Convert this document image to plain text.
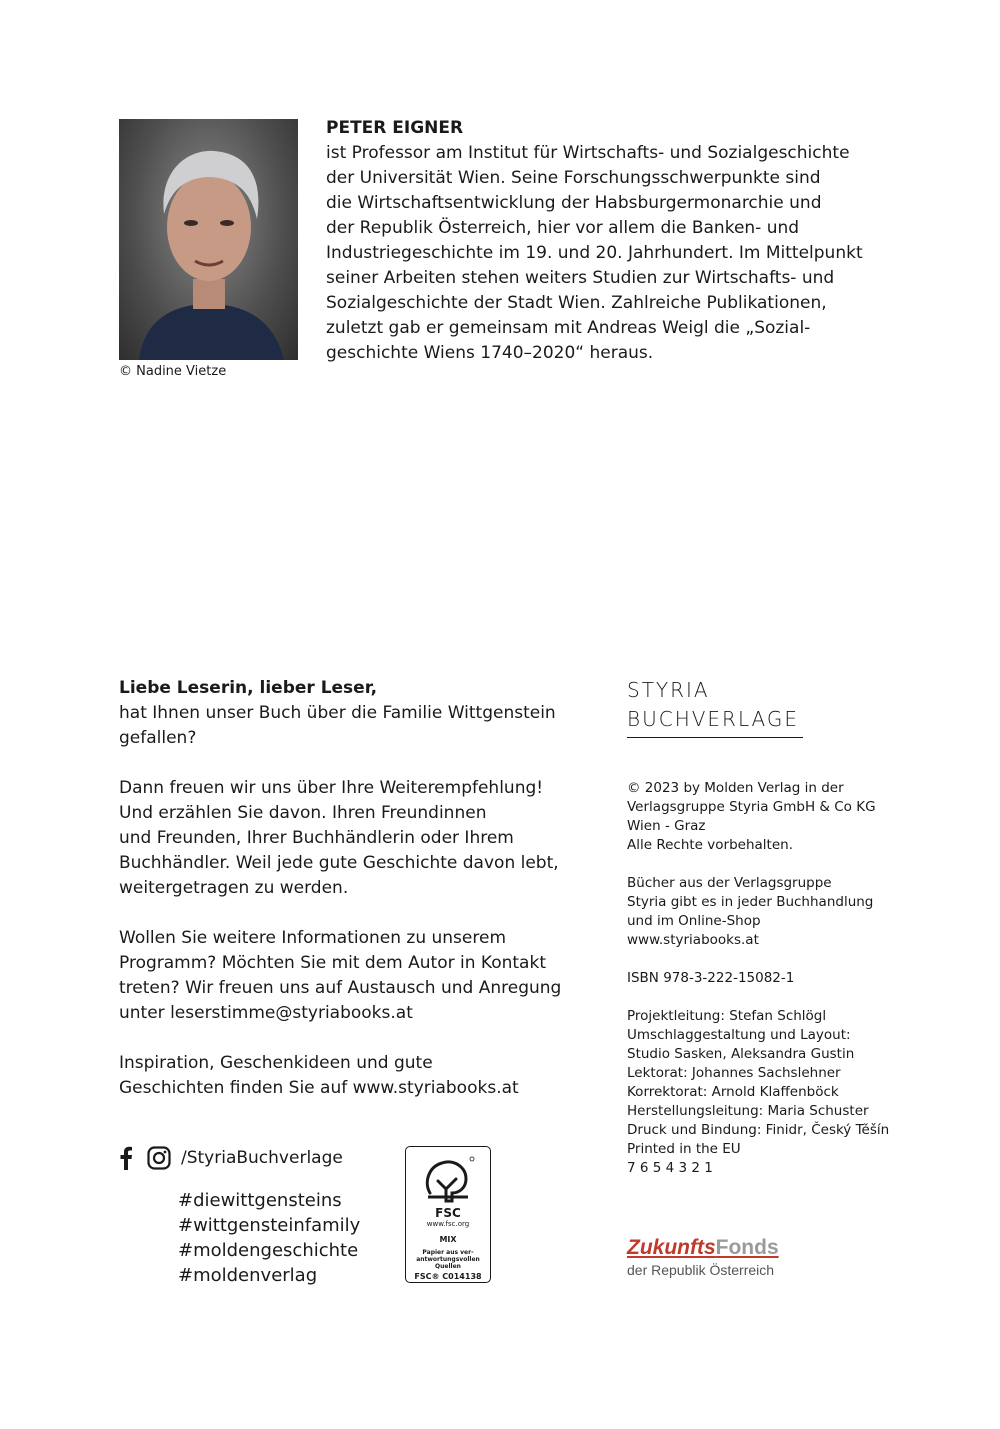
© Nadine Vietze

PETER EIGNER

ist Professor am Institut für Wirtschafts- und Sozialgeschichte

der Universität Wien. Seine Forschungsschwerpunkte sind

die Wirtschaftsentwicklung der Habsburgermonarchie und

der Republik Österreich, hier vor allem die Banken- und

Industriegeschichte im 19. und 20. Jahrhundert. Im Mittelpunkt

seiner Arbeiten stehen weiters Studien zur Wirtschafts- und

Sozialgeschichte der Stadt Wien. Zahlreiche Publikationen,

zuletzt gab er gemeinsam mit Andreas Weigl die „Sozial-

geschichte Wiens 1740–2020“ heraus.

Liebe Leserin, lieber Leser,

hat Ihnen unser Buch über die Familie Wittgenstein
gefallen?

Dann freuen wir uns über Ihre Weiterempfehlung!
Und erzählen Sie davon. Ihren Freundinnen
und Freunden, Ihrer Buchhändlerin oder Ihrem
Buchhändler. Weil jede gute Geschichte davon lebt,
weitergetragen zu werden.

Wollen Sie weitere Informationen zu unserem
Programm? Möchten Sie mit dem Autor in Kontakt
treten? Wir freuen uns auf Austausch und Anregung
unter leserstimme@styriabooks.at

Inspiration, Geschenkideen und gute
Geschichten finden Sie auf www.styriabooks.at

/StyriaBuchverlage
#diewittgensteins
#wittgensteinfamily
#moldengeschichte
#moldenverlag
FSC
www.fsc.org
MIX
Papier aus ver-
antwortungsvollen
Quellen
FSC® C014138
STYRIA
BUCHVERLAGE
© 2023 by Molden Verlag in der
Verlagsgruppe Styria GmbH & Co KG
Wien - Graz
Alle Rechte vorbehalten.
Bücher aus der Verlagsgruppe
Styria gibt es in jeder Buchhandlung
und im Online-Shop
www.styriabooks.at
ISBN 978-3-222-15082-1
Projektleitung: Stefan Schlögl
Umschlaggestaltung und Layout:
Studio Sasken, Aleksandra Gustin
Lektorat: Johannes Sachslehner
Korrektorat: Arnold Klaffenböck
Herstellungsleitung: Maria Schuster
Druck und Bindung: Finidr, Český Těšín
Printed in the EU
7 6 5 4 3 2 1
ZukunftsFonds
der Republik Österreich
